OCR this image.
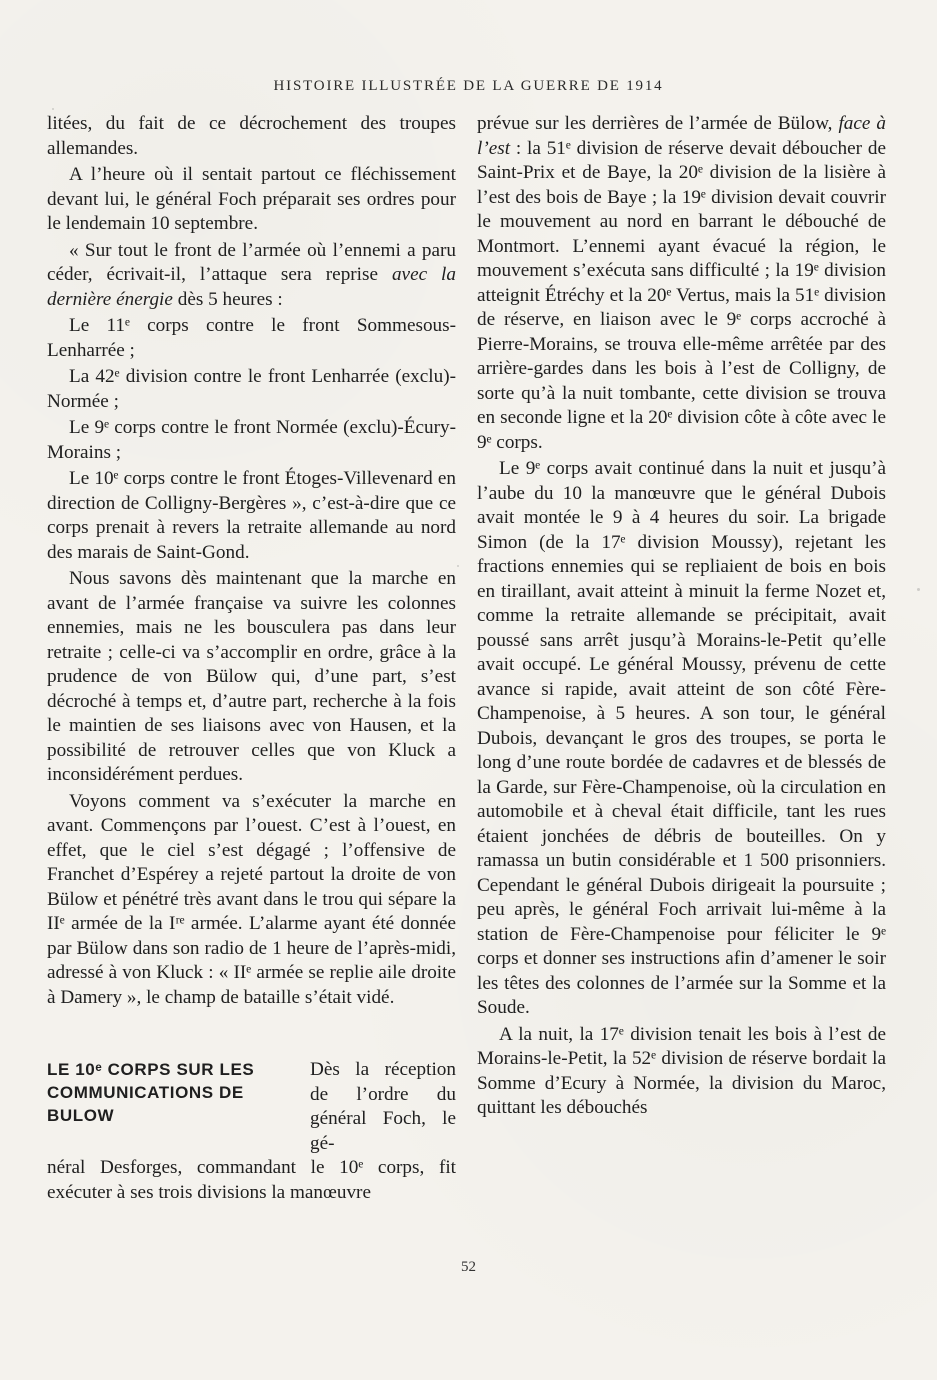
HISTOIRE ILLUSTRÉE DE LA GUERRE DE 1914

litées, du fait de ce décrochement des troupes allemandes.

A l’heure où il sentait partout ce fléchissement devant lui, le général Foch préparait ses ordres pour le lendemain 10 septembre.

« Sur tout le front de l’armée où l’ennemi a paru céder, écrivait-il, l’attaque sera reprise avec la dernière énergie dès 5 heures :

Le 11ᵉ corps contre le front Sommesous-Lenharrée ;

La 42ᵉ division contre le front Lenharrée (exclu)-Normée ;

Le 9ᵉ corps contre le front Normée (exclu)-Écury-Morains ;

Le 10ᵉ corps contre le front Étoges-Villevenard en direction de Colligny-Bergères », c’est-à-dire que ce corps prenait à revers la retraite allemande au nord des marais de Saint-Gond.

Nous savons dès maintenant que la marche en avant de l’armée française va suivre les colonnes ennemies, mais ne les bousculera pas dans leur retraite ; celle-ci va s’accomplir en ordre, grâce à la prudence de von Bülow qui, d’une part, s’est décroché à temps et, d’autre part, recherche à la fois le maintien de ses liaisons avec von Hausen, et la possibilité de retrouver celles que von Kluck a inconsidérément perdues.

Voyons comment va s’exécuter la marche en avant. Commençons par l’ouest. C’est à l’ouest, en effet, que le ciel s’est dégagé ; l’offensive de Franchet d’Espérey a rejeté partout la droite de von Bülow et pénétré très avant dans le trou qui sépare la IIᵉ armée de la Iʳᵉ armée. L’alarme ayant été donnée par Bülow dans son radio de 1 heure de l’après-midi, adressé à von Kluck : « IIᵉ armée se replie aile droite à Damery », le champ de bataille s’était vidé.

LE 10ᵉ CORPS SUR LES COMMUNICATIONS DE BULOW
Dès la réception de l’ordre du général Foch, le gé-

néral Desforges, commandant le 10ᵉ corps, fit exécuter à ses trois divisions la manœuvre

prévue sur les derrières de l’armée de Bülow, face à l’est : la 51ᵉ division de réserve devait déboucher de Saint-Prix et de Baye, la 20ᵉ division de la lisière à l’est des bois de Baye ; la 19ᵉ division devait couvrir le mouvement au nord en barrant le débouché de Montmort. L’ennemi ayant évacué la région, le mouvement s’exécuta sans difficulté ; la 19ᵉ division atteignit Étréchy et la 20ᵉ Vertus, mais la 51ᵉ division de réserve, en liaison avec le 9ᵉ corps accroché à Pierre-Morains, se trouva elle-même arrêtée par des arrière-gardes dans les bois à l’est de Colligny, de sorte qu’à la nuit tombante, cette division se trouva en seconde ligne et la 20ᵉ division côte à côte avec le 9ᵉ corps.

Le 9ᵉ corps avait continué dans la nuit et jusqu’à l’aube du 10 la manœuvre que le général Dubois avait montée le 9 à 4 heures du soir. La brigade Simon (de la 17ᵉ division Moussy), rejetant les fractions ennemies qui se repliaient de bois en bois en tiraillant, avait atteint à minuit la ferme Nozet et, comme la retraite allemande se précipitait, avait poussé sans arrêt jusqu’à Morains-le-Petit qu’elle avait occupé. Le général Moussy, prévenu de cette avance si rapide, avait atteint de son côté Fère-Champenoise, à 5 heures. A son tour, le général Dubois, devançant le gros des troupes, se porta le long d’une route bordée de cadavres et de blessés de la Garde, sur Fère-Champenoise, où la circulation en automobile et à cheval était difficile, tant les rues étaient jonchées de débris de bouteilles. On y ramassa un butin considérable et 1 500 prisonniers. Cependant le général Dubois dirigeait la poursuite ; peu après, le général Foch arrivait lui-même à la station de Fère-Champenoise pour féliciter le 9ᵉ corps et donner ses instructions afin d’amener le soir les têtes des colonnes de l’armée sur la Somme et la Soude.

A la nuit, la 17ᵉ division tenait les bois à l’est de Morains-le-Petit, la 52ᵉ division de réserve bordait la Somme d’Ecury à Normée, la division du Maroc, quittant les débouchés

52
